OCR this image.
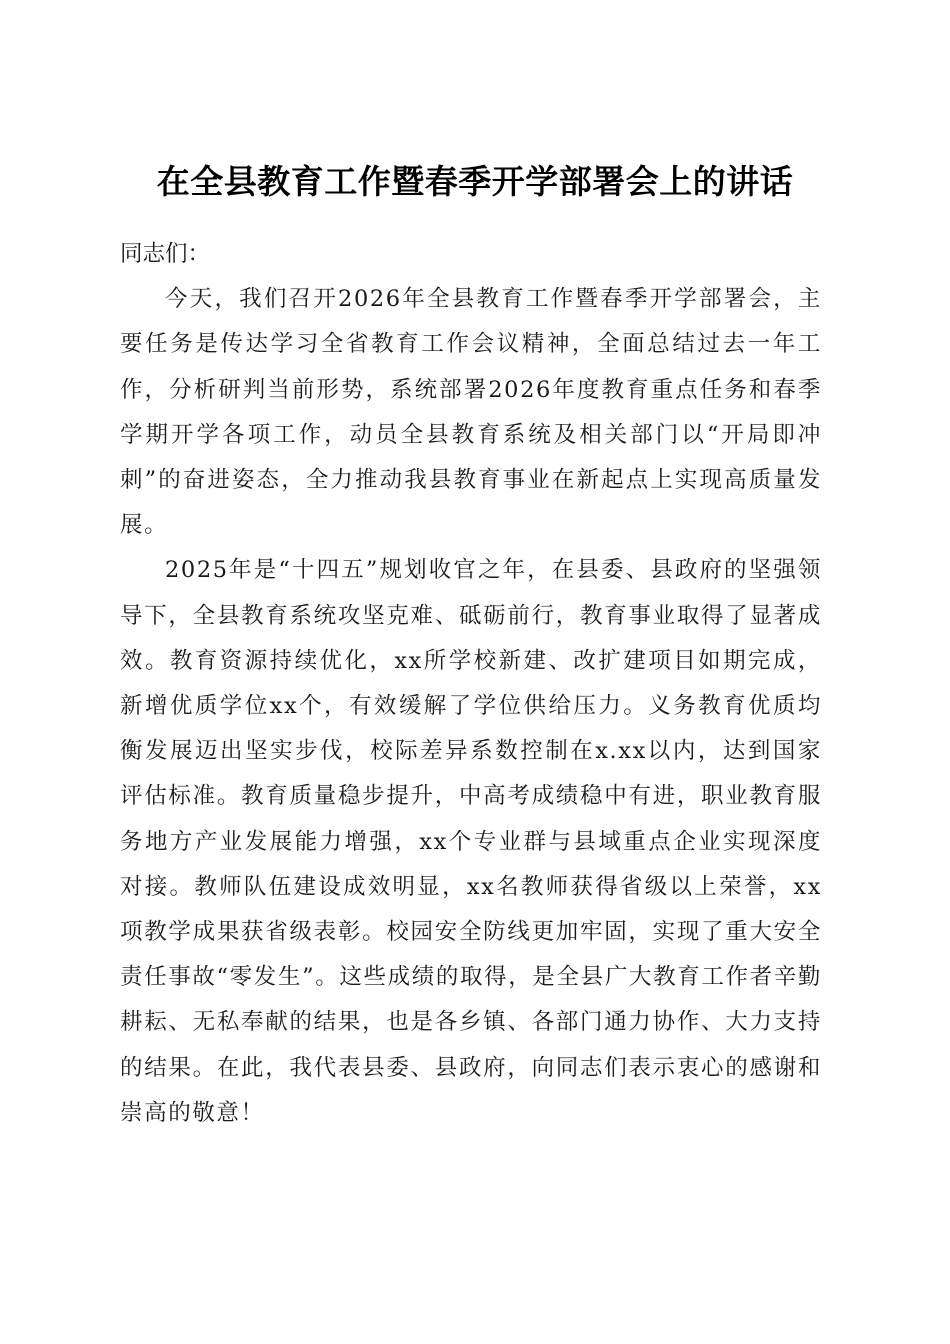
在全县教育工作暨春季开学部署会上的讲话

同志们：

今天，我们召开2026年全县教育工作暨春季开学部署会，主要任务是传达学习全省教育工作会议精神，全面总结过去一年工作，分析研判当前形势，系统部署2026年度教育重点任务和春季学期开学各项工作，动员全县教育系统及相关部门以“开局即冲刺”的奋进姿态，全力推动我县教育事业在新起点上实现高质量发展。

2025年是“十四五”规划收官之年，在县委、县政府的坚强领导下，全县教育系统攻坚克难、砥砺前行，教育事业取得了显著成效。教育资源持续优化，xx所学校新建、改扩建项目如期完成，新增优质学位xx个，有效缓解了学位供给压力。义务教育优质均衡发展迈出坚实步伐，校际差异系数控制在x.xx以内，达到国家评估标准。教育质量稳步提升，中高考成绩稳中有进，职业教育服务地方产业发展能力增强，xx个专业群与县域重点企业实现深度对接。教师队伍建设成效明显，xx名教师获得省级以上荣誉，xx项教学成果获省级表彰。校园安全防线更加牢固，实现了重大安全责任事故“零发生”。这些成绩的取得，是全县广大教育工作者辛勤耕耘、无私奉献的结果，也是各乡镇、各部门通力协作、大力支持的结果。在此，我代表县委、县政府，向同志们表示衷心的感谢和崇高的敬意！
